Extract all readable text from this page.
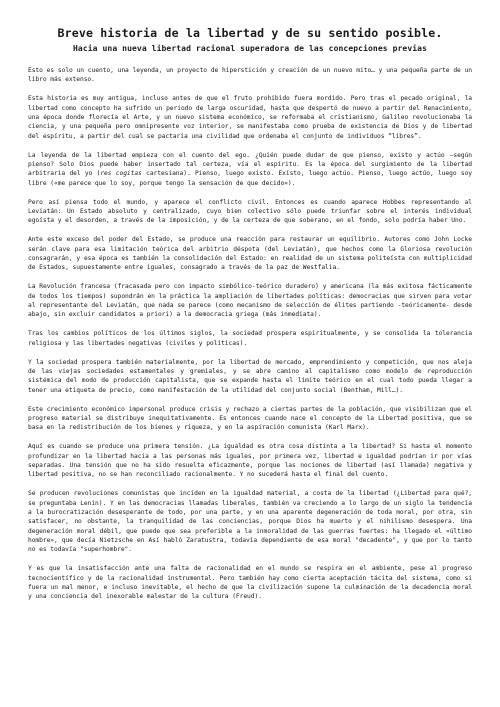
Breve historia de la libertad y de su sentido posible.
Hacia una nueva libertad racional superadora de las concepciones previas

Esto es solo un cuento, una leyenda, un proyecto de hiperstición y creación de un nuevo mito… y una pequeña parte de un libro más extenso.

Esta historia es muy antigua, incluso antes de que el fruto prohibido fuera mordido. Pero tras el pecado original, la libertad como concepto ha sufrido un periodo de larga oscuridad, hasta que despertó de nuevo a partir del Renacimiento, una época donde florecía el Arte, y un nuevo sistema económico, se reformaba el cristianismo, Galileo revolucionaba la ciencia, y una pequeña pero omnipresente voz interior, se manifestaba como prueba de existencia de Dios y de libertad del espíritu, a partir del cual se pactaría una civilidad que ordenaba el conjunto de individuos “libres”.

La leyenda de la libertad empieza con el cuento del ego. ¿Quién puede dudar de que pienso, existo y actúo –según pienso? Solo Dios puede haber insertado tal certeza, vía el espíritu. Es la época del surgimiento de la libertad arbitraria del yo (res cogitas cartesiana). Pienso, luego existo. Existo, luego actúo. Pienso, luego actúo, luego soy libre («me parece que lo soy, porque tengo la sensación de que decido»).

Pero así piensa todo el mundo, y aparece el conflicto civil. Entonces es cuando aparece Hobbes representando al Leviatán: Un Estado absoluto y centralizado, cuyo bien colectivo sólo puede triunfar sobre el interés individual egoísta y el desorden, a través de la imposición, y de la certeza de que soberano, en el fondo, solo podría haber Uno.

Ante este exceso del poder del Estado, se produce una reacción para restaurar un equilibrio. Autores como John Locke serán clave para esa limitación teórica del arbitrio déspota (del Leviatán), que hechos como la Gloriosa revolución consagrarán, y esa época es también la consolidación del Estado: en realidad de un sistema politeísta con multiplicidad de Estados, supuestamente entre iguales, consagrado a través de la paz de Westfalia.

La Revolución francesa (fracasada pero con impacto simbólico-teórico duradero) y americana (la más exitosa fácticamente de todos los tiempos) supondrán en la práctica la ampliación de libertades políticas: democracias que sirven para votar al representante del Leviatán, que nada se parece (como mecanismo de selección de élites partiendo -teóricamente- desde abajo, sin excluir candidatos a priori) a la democracia griega (más inmediata).

Tras los cambios políticos de los últimos siglos, la sociedad prospera espiritualmente, y se consolida la tolerancia religiosa y las libertades negativas (civiles y políticas).

Y la sociedad prospera también materialmente, por la libertad de mercado, emprendimiento y competición, que nos aleja de las viejas sociedades estamentales y gremiales, y se abre camino al capitalismo como modelo de reproducción sistémica del modo de producción capitalista, que se expande hasta el límite teórico en el cual todo pueda llegar a tener una etiqueta de precio, como manifestación de la utilidad del conjunto social (Bentham, Mill…).

Este crecimiento económico impersonal produce crisis y rechazo a ciertas partes de la población, que visibilizan que el progreso material se distribuye inequitativamente. Es entonces cuando nace el concepto de la Libertad positiva, que se basa en la redistribución de los bienes y riqueza, y en la aspiración comunista (Karl Marx).

Aquí es cuando se produce una primera tensión. ¿La igualdad es otra cosa distinta a la libertad? Si hasta el momento profundizar en la libertad hacia a las personas más iguales, por primera vez, libertad e igualdad podrían ir por vías separadas. Una tensión que no ha sido resuelta eficazmente, porque las nociones de libertad (así llamada) negativa y libertad positiva, no se han reconciliado racionalmente. Y no sucederá hasta el final del cuento.

Se producen revoluciones comunistas que inciden en la igualdad material, a costa de la libertad (¿Libertad para qué?, se preguntaba Lenin). Y en las democracias llamadas liberales, también va creciendo a lo largo de un siglo la tendencia a la burocratización desesperante de todo, por una parte, y en una aparente degeneración de toda moral, por otra, sin satisfacer, no obstante, la tranquilidad de las conciencias, porque Dios ha muerto y el nihilismo desespera. Una degeneración moral débil, que puede que sea preferible a la inmoralidad de las guerras fuertes: ha llegado el «último hombre», que decía Nietzsche en Así habló Zaratustra, todavía dependiente de esa moral "decadente", y que por lo tanto no es todavía "superhombre".

Y es que la insatisfacción ante una falta de racionalidad en el mundo se respira en el ambiente, pese al progreso tecnocientífico y de la racionalidad instrumental. Pero también hay como cierta aceptación tácita del sistema, como si fuera un mal menor, e incluso inevitable, el hecho de que la civilización supone la culminación de la decadencia moral y una conciencia del inexorable malestar de la cultura (Freud).
